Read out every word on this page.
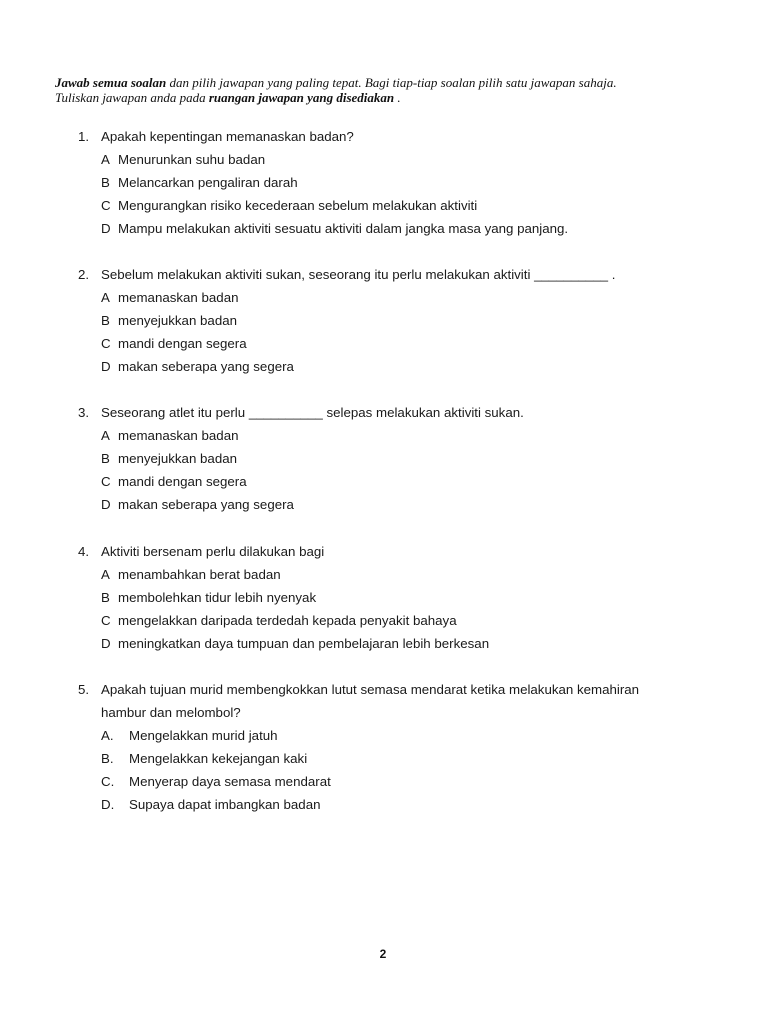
Jawab semua soalan dan pilih jawapan yang paling tepat. Bagi tiap-tiap soalan pilih satu jawapan sahaja.
Tuliskan jawapan anda pada ruangan jawapan yang disediakan .
1. Apakah kepentingan memanaskan badan?
A Menurunkan suhu badan
B Melancarkan pengaliran darah
C Mengurangkan risiko kecederaan sebelum melakukan aktiviti
D Mampu melakukan aktiviti sesuatu aktiviti dalam jangka masa yang panjang.
2. Sebelum melakukan aktiviti sukan, seseorang itu perlu melakukan aktiviti __________ .
A memanaskan badan
B menyejukkan badan
C mandi dengan segera
D makan seberapa yang segera
3. Seseorang atlet itu perlu __________ selepas melakukan aktiviti sukan.
A memanaskan badan
B menyejukkan badan
C mandi dengan segera
D makan seberapa yang segera
4. Aktiviti bersenam perlu dilakukan bagi
A menambahkan berat badan
B membolehkan tidur lebih nyenyak
C mengelakkan daripada terdedah kepada penyakit bahaya
D meningkatkan daya tumpuan dan pembelajaran lebih berkesan
5. Apakah tujuan murid membengkokkan lutut semasa mendarat ketika melakukan kemahiran
hambur dan melombol?
A. Mengelakkan murid jatuh
B. Mengelakkan kekejangan kaki
C. Menyerap daya semasa mendarat
D. Supaya dapat imbangkan badan
2
